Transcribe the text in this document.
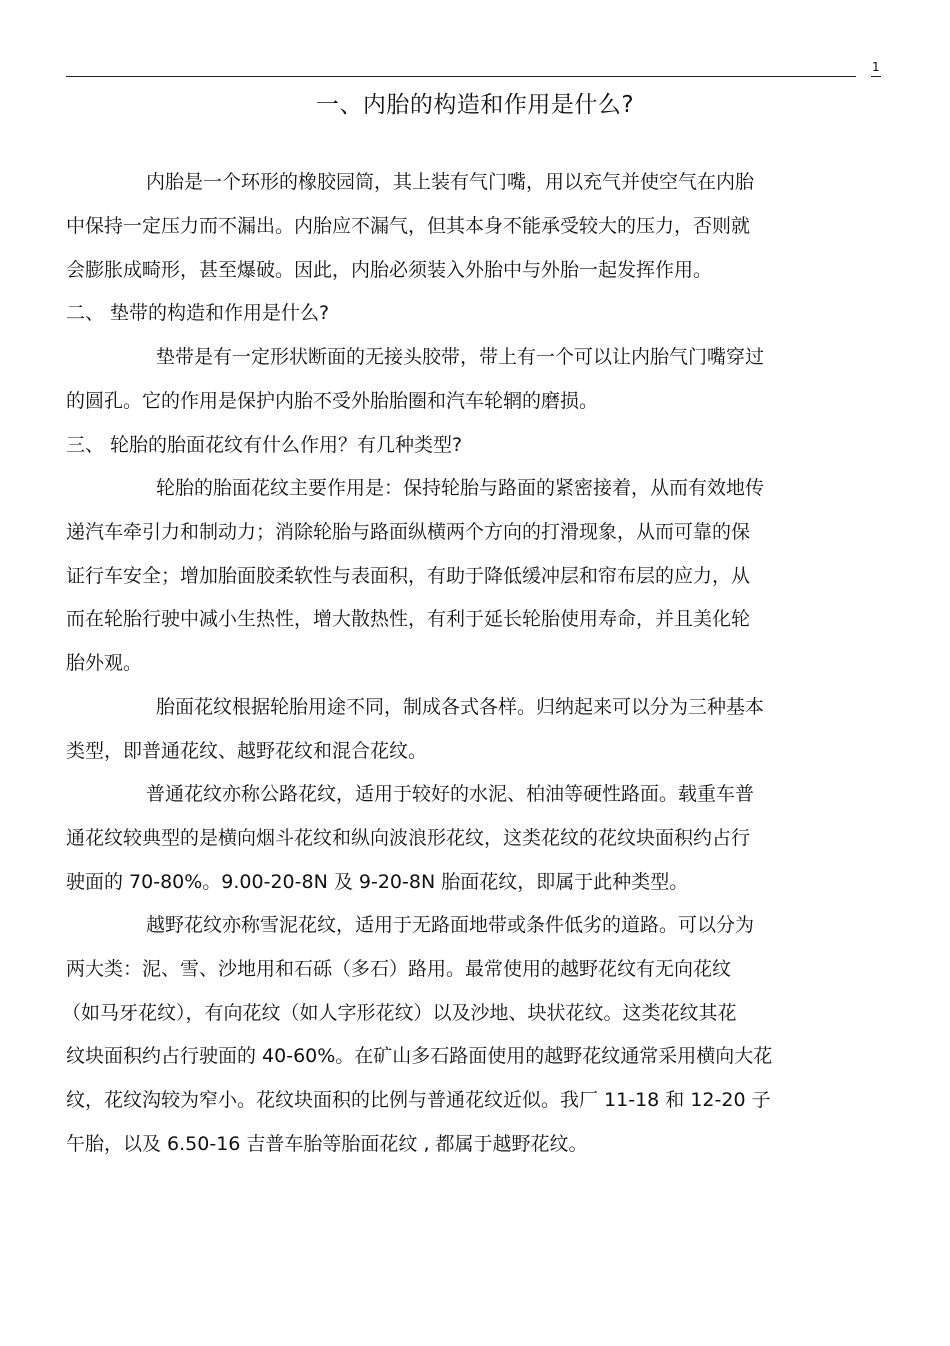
1
一、内胎的构造和作用是什么?
内胎是一个环形的橡胶园筒，其上装有气门嘴，用以充气并使空气在内胎
中保持一定压力而不漏出。内胎应不漏气，但其本身不能承受较大的压力，否则就
会膨胀成畸形，甚至爆破。因此，内胎必须装入外胎中与外胎一起发挥作用。
二、 垫带的构造和作用是什么?
垫带是有一定形状断面的无接头胶带，带上有一个可以让内胎气门嘴穿过
的圆孔。它的作用是保护内胎不受外胎胎圈和汽车轮辋的磨损。
三、 轮胎的胎面花纹有什么作用？有几种类型?
轮胎的胎面花纹主要作用是：保持轮胎与路面的紧密接着，从而有效地传
递汽车牵引力和制动力；消除轮胎与路面纵横两个方向的打滑现象，从而可靠的保
证行车安全；增加胎面胶柔软性与表面积，有助于降低缓冲层和帘布层的应力，从
而在轮胎行驶中减小生热性，增大散热性，有利于延长轮胎使用寿命，并且美化轮
胎外观。
胎面花纹根据轮胎用途不同，制成各式各样。归纳起来可以分为三种基本
类型，即普通花纹、越野花纹和混合花纹。
普通花纹亦称公路花纹，适用于较好的水泥、柏油等硬性路面。载重车普
通花纹较典型的是横向烟斗花纹和纵向波浪形花纹，这类花纹的花纹块面积约占行
驶面的 70-80%。9.00-20-8N 及 9-20-8N 胎面花纹，即属于此种类型。
越野花纹亦称雪泥花纹，适用于无路面地带或条件低劣的道路。可以分为
两大类：泥、雪、沙地用和石砾（多石）路用。最常使用的越野花纹有无向花纹
（如马牙花纹），有向花纹（如人字形花纹）以及沙地、块状花纹。这类花纹其花
纹块面积约占行驶面的 40-60%。在矿山多石路面使用的越野花纹通常采用横向大花
纹，花纹沟较为窄小。花纹块面积的比例与普通花纹近似。我厂 11-18 和 12-20 子
午胎，以及 6.50-16 吉普车胎等胎面花纹 , 都属于越野花纹。
